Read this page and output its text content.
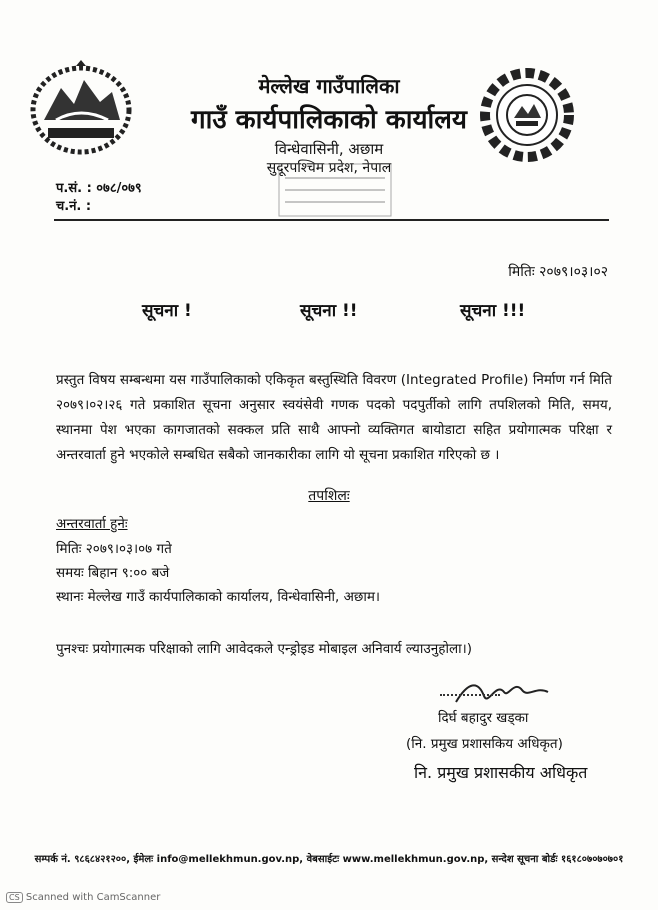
मेल्लेख गाउँपालिका
गाउँ कार्यपालिकाको कार्यालय
विन्धेवासिनी, अछाम
सुदूरपश्चिम प्रदेश, नेपाल
प.सं. : ०७८/०७९
च.नं. :
मितिः २०७९।०३।०२
सूचना !	सूचना !!	सूचना !!!
प्रस्तुत विषय सम्बन्धमा यस गाउँपालिकाको एकिकृत बस्तुस्थिति विवरण (Integrated Profile) निर्माण गर्न मिति २०७९।०२।२६ गते प्रकाशित सूचना अनुसार स्वयंसेवी गणक पदको पदपुर्तीको लागि तपशिलको मिति, समय, स्थानमा पेश भएका कागजातको सक्कल प्रति साथै आफ्नो व्यक्तिगत बायोडाटा सहित प्रयोगात्मक परिक्षा र अन्तरवार्ता हुने भएकोले सम्बधित सबैको जानकारीका लागि यो सूचना प्रकाशित गरिएको छ ।
तपशिलः
अन्तरवार्ता हुनेः
मितिः २०७९।०३।०७ गते
समयः बिहान ९:०० बजे
स्थानः मेल्लेख गाउँ कार्यपालिकाको कार्यालय, विन्धेवासिनी, अछाम।
पुनश्चः प्रयोगात्मक परिक्षाको लागि आवेदकले एन्ड्रोइड मोबाइल अनिवार्य ल्याउनुहोला।)
दिर्घ बहादुर खड्का
(नि. प्रमुख प्रशासकिय अधिकृत)
नि. प्रमुख प्रशासकीय अधिकृत
सम्पर्क नं. ९८६८४२१२००, ईमेलः info@mellekhmun.gov.np, वेबसाईटः www.mellekhmun.gov.np, सन्देश सूचना बोर्डः १६१८०७०७०७०१
CS Scanned with CamScanner
